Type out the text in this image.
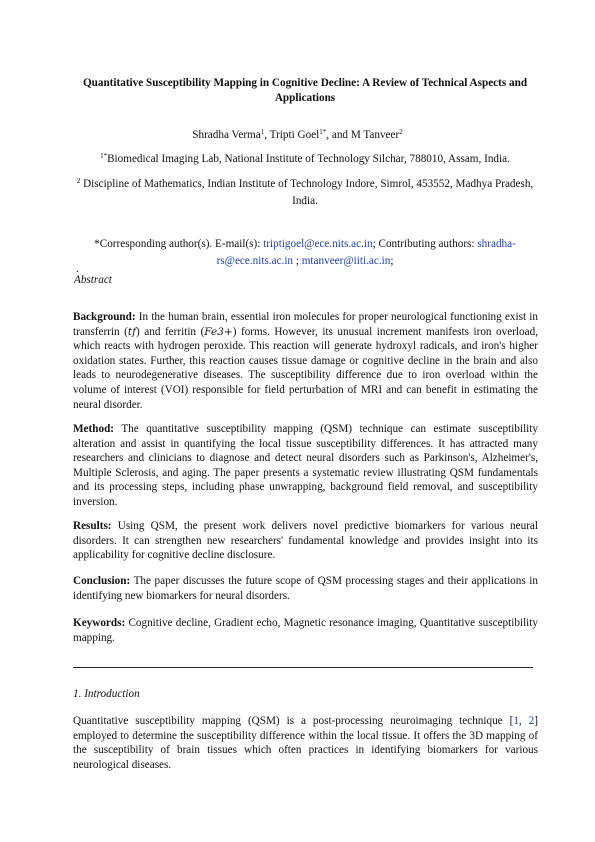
Quantitative Susceptibility Mapping in Cognitive Decline: A Review of Technical Aspects and Applications
Shradha Verma$^1$, Tripti Goel$^{1*}$, and M Tanveer$^2$
$^{1*}$Biomedical Imaging Lab, National Institute of Technology Silchar, 788010, Assam, India.
$^2$ Discipline of Mathematics, Indian Institute of Technology Indore, Simrol, 453552, Madhya Pradesh, India.
*Corresponding author(s). E-mail(s): triptigoel@ece.nits.ac.in; Contributing authors: shradha-rs@ece.nits.ac.in ; mtanveer@iiti.ac.in;
.
Abstract
Background: In the human brain, essential iron molecules for proper neurological functioning exist in transferrin (tf) and ferritin (Fe3+) forms. However, its unusual increment manifests iron overload, which reacts with hydrogen peroxide. This reaction will generate hydroxyl radicals, and iron's higher oxidation states. Further, this reaction causes tissue damage or cognitive decline in the brain and also leads to neurodegenerative diseases. The susceptibility difference due to iron overload within the volume of interest (VOI) responsible for field perturbation of MRI and can benefit in estimating the neural disorder.
Method: The quantitative susceptibility mapping (QSM) technique can estimate susceptibility alteration and assist in quantifying the local tissue susceptibility differences. It has attracted many researchers and clinicians to diagnose and detect neural disorders such as Parkinson's, Alzheimer's, Multiple Sclerosis, and aging. The paper presents a systematic review illustrating QSM fundamentals and its processing steps, including phase unwrapping, background field removal, and susceptibility inversion.
Results: Using QSM, the present work delivers novel predictive biomarkers for various neural disorders. It can strengthen new researchers' fundamental knowledge and provides insight into its applicability for cognitive decline disclosure.
Conclusion: The paper discusses the future scope of QSM processing stages and their applications in identifying new biomarkers for neural disorders.
Keywords: Cognitive decline, Gradient echo, Magnetic resonance imaging, Quantitative susceptibility mapping.
1. Introduction
Quantitative susceptibility mapping (QSM) is a post-processing neuroimaging technique [1, 2] employed to determine the susceptibility difference within the local tissue. It offers the 3D mapping of the susceptibility of brain tissues which often practices in identifying biomarkers for various neurological diseases.
